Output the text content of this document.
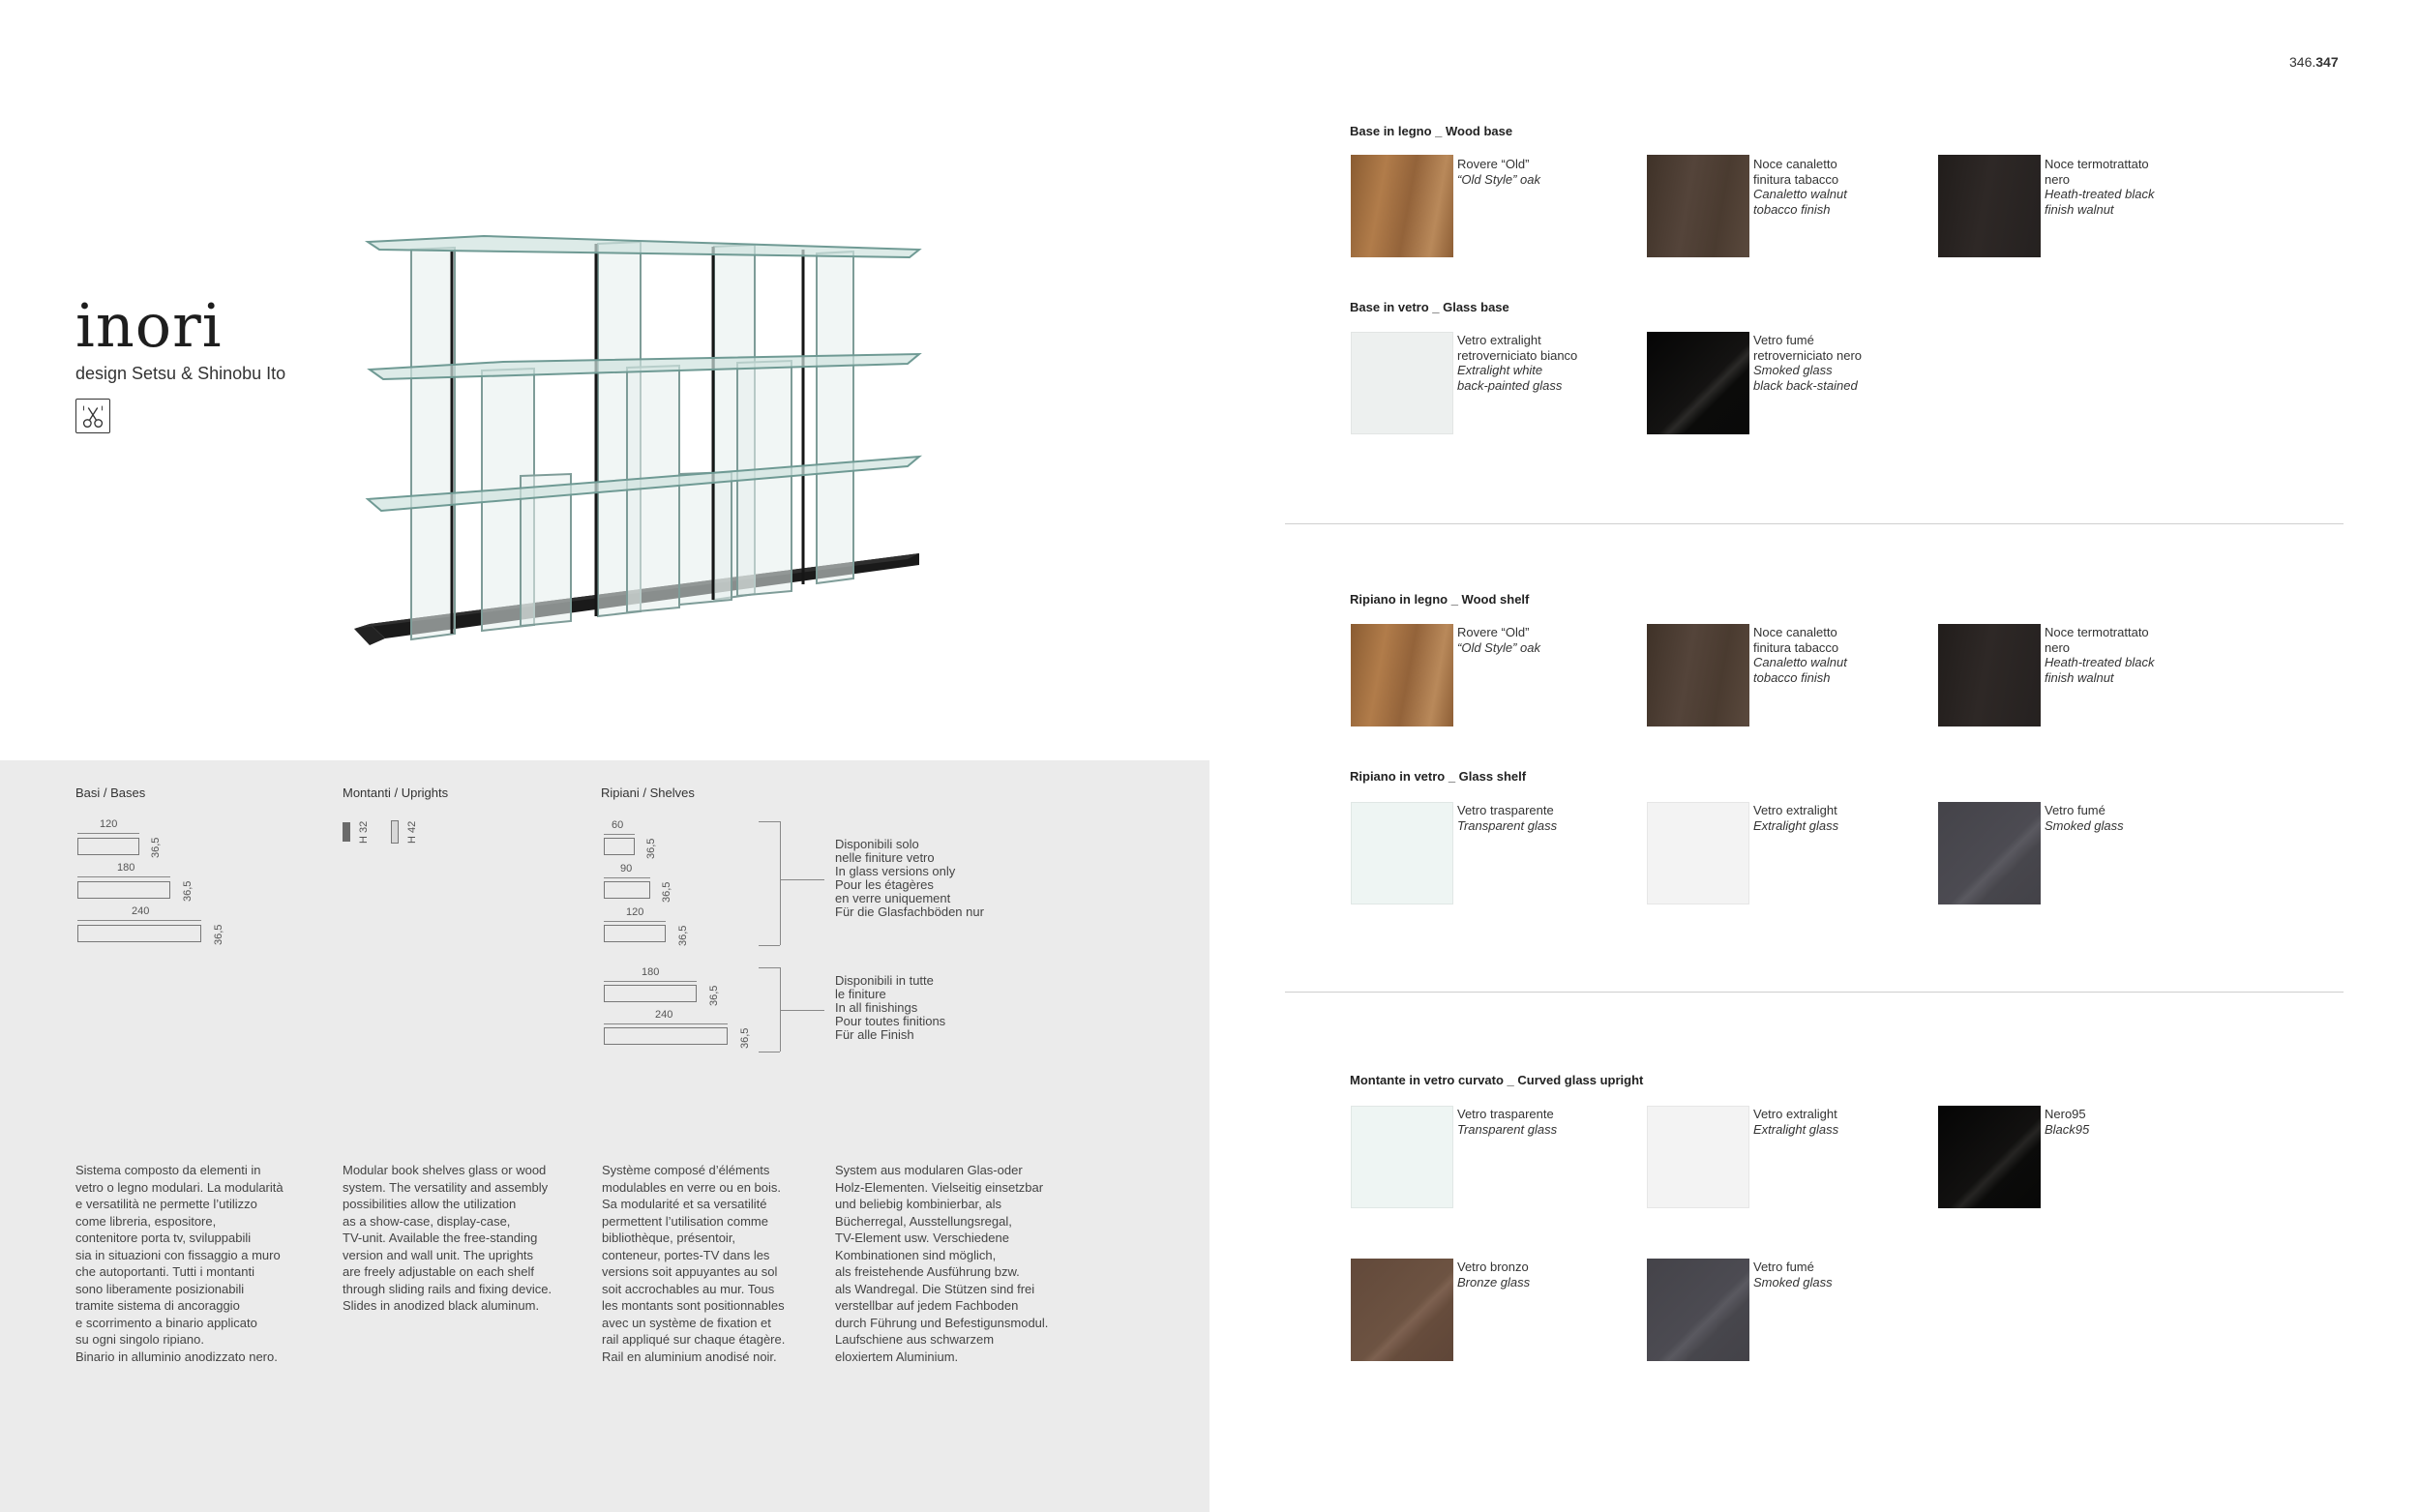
inori
design Setsu & Shinobu Ito
Basi / Bases	Montanti / Uprights	Ripiani / Shelves
120
36,5
180
36,5
240
36,5
H 32	H 42	60
36,5
90
36,5
120
36,5
Disponibili solo
nelle finiture vetro
In glass versions only
Pour les étagères
en verre uniquement
Für die Glasfachböden nur
180
36,5
240
36,5
Disponibili in tutte
le finiture
In all finishings
Pour toutes finitions
Für alle Finish
Sistema composto da elementi in
vetro o legno modulari. La modularità
e versatilità ne permette l’utilizzo
come libreria, espositore,
contenitore porta tv, sviluppabili
sia in situazioni con fissaggio a muro
che autoportanti. Tutti i montanti
sono liberamente posizionabili
tramite sistema di ancoraggio
e scorrimento a binario applicato
su ogni singolo ripiano.
Binario in alluminio anodizzato nero.
Modular book shelves glass or wood
system. The versatility and assembly
possibilities allow the utilization
as a show-case, display-case,
TV-unit. Available the free-standing
version and wall unit. The uprights
are freely adjustable on each shelf
through sliding rails and fixing device.
Slides in anodized black aluminum.
Système composé d’éléments
modulables en verre ou en bois.
Sa modularité et sa versatilité
permettent l’utilisation comme
bibliothèque, présentoir,
conteneur, portes-TV dans les
versions soit appuyantes au sol
soit accrochables au mur. Tous
les montants sont positionnables
avec un système de fixation et
rail appliqué sur chaque étagère.
Rail en aluminium anodisé noir.
System aus modularen Glas-oder
Holz-Elementen. Vielseitig einsetzbar
und beliebig kombinierbar, als
Bücherregal, Ausstellungsregal,
TV-Element usw. Verschiedene
Kombinationen sind möglich,
als freistehende Ausführung bzw.
als Wandregal. Die Stützen sind frei
verstellbar auf jedem Fachboden
durch Führung und Befestigunsmodul.
Laufschiene aus schwarzem
eloxiertem Aluminium.
346.347
Base in legno _ Wood base
Rovere “Old”
“Old Style” oak
Noce canaletto
finitura tabacco
Canaletto walnut
tobacco finish
Noce termotrattato
nero
Heath-treated black
finish walnut
Base in vetro _ Glass base
Vetro extralight
retroverniciato bianco
Extralight white
back-painted glass
Vetro fumé
retroverniciato nero
Smoked glass
black back-stained
Ripiano in legno _ Wood shelf
Rovere “Old”
“Old Style” oak
Noce canaletto
finitura tabacco
Canaletto walnut
tobacco finish
Noce termotrattato
nero
Heath-treated black
finish walnut
Ripiano in vetro _ Glass shelf
Vetro trasparente
Transparent glass
Vetro extralight
Extralight glass
Vetro fumé
Smoked glass
Montante in vetro curvato _ Curved glass upright
Vetro trasparente
Transparent glass
Vetro extralight
Extralight glass
Nero95
Black95
Vetro bronzo
Bronze glass
Vetro fumé
Smoked glass
